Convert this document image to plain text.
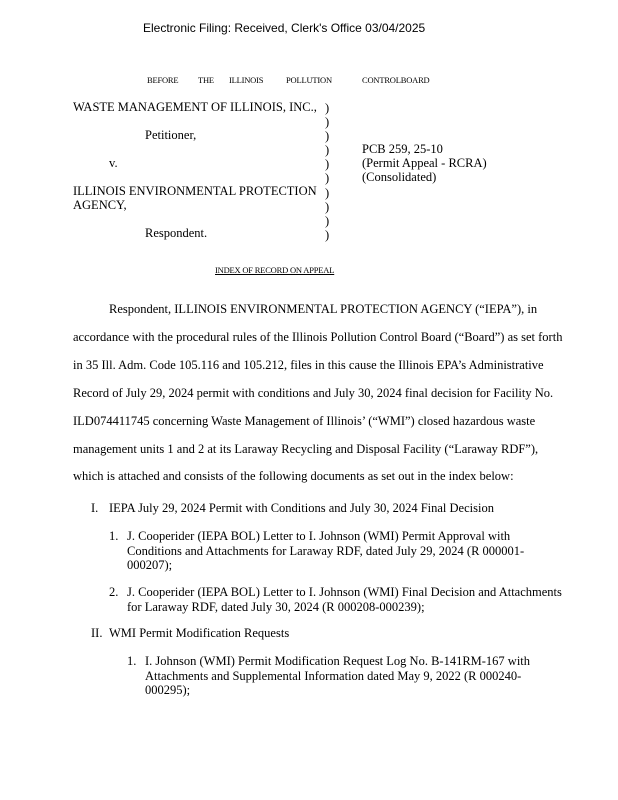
Electronic Filing: Received, Clerk's Office 03/04/2025
BEFORE THE ILLINOIS	POLLUTION	CONTROLBOARD
WASTE MANAGEMENT OF ILLINOIS, INC.,
Petitioner,
v.
ILLINOIS ENVIRONMENTAL PROTECTION
AGENCY,
Respondent.
)
)
)
)
)
)
)
)
)
)
PCB 259, 25-10
(Permit Appeal - RCRA)
(Consolidated)
INDEX OF RECORD ON APPEAL

Respondent, ILLINOIS ENVIRONMENTAL PROTECTION AGENCY (“IEPA”), in

accordance with the procedural rules of the Illinois Pollution Control Board (“Board”) as set forth

in 35 Ill. Adm. Code 105.116 and 105.212, files in this cause the Illinois EPA’s Administrative

Record of July 29, 2024 permit with conditions and July 30, 2024 final decision for Facility No.

ILD074411745 concerning Waste Management of Illinois’ (“WMI”) closed hazardous waste

management units 1 and 2 at its Laraway Recycling and Disposal Facility (“Laraway RDF”),

which is attached and consists of the following documents as set out in the index below:

I. IEPA July 29, 2024 Permit with Conditions and July 30, 2024 Final Decision
1. J. Cooperider (IEPA BOL) Letter to I. Johnson (WMI) Permit Approval with
Conditions and Attachments for Laraway RDF, dated July 29, 2024 (R 000001-
000207);
2. J. Cooperider (IEPA BOL) Letter to I. Johnson (WMI) Final Decision and Attachments
for Laraway RDF, dated July 30, 2024 (R 000208-000239);
II. WMI Permit Modification Requests
1. I. Johnson (WMI) Permit Modification Request Log No. B-141RM-167 with
Attachments and Supplemental Information dated May 9, 2022 (R 000240-
000295);
